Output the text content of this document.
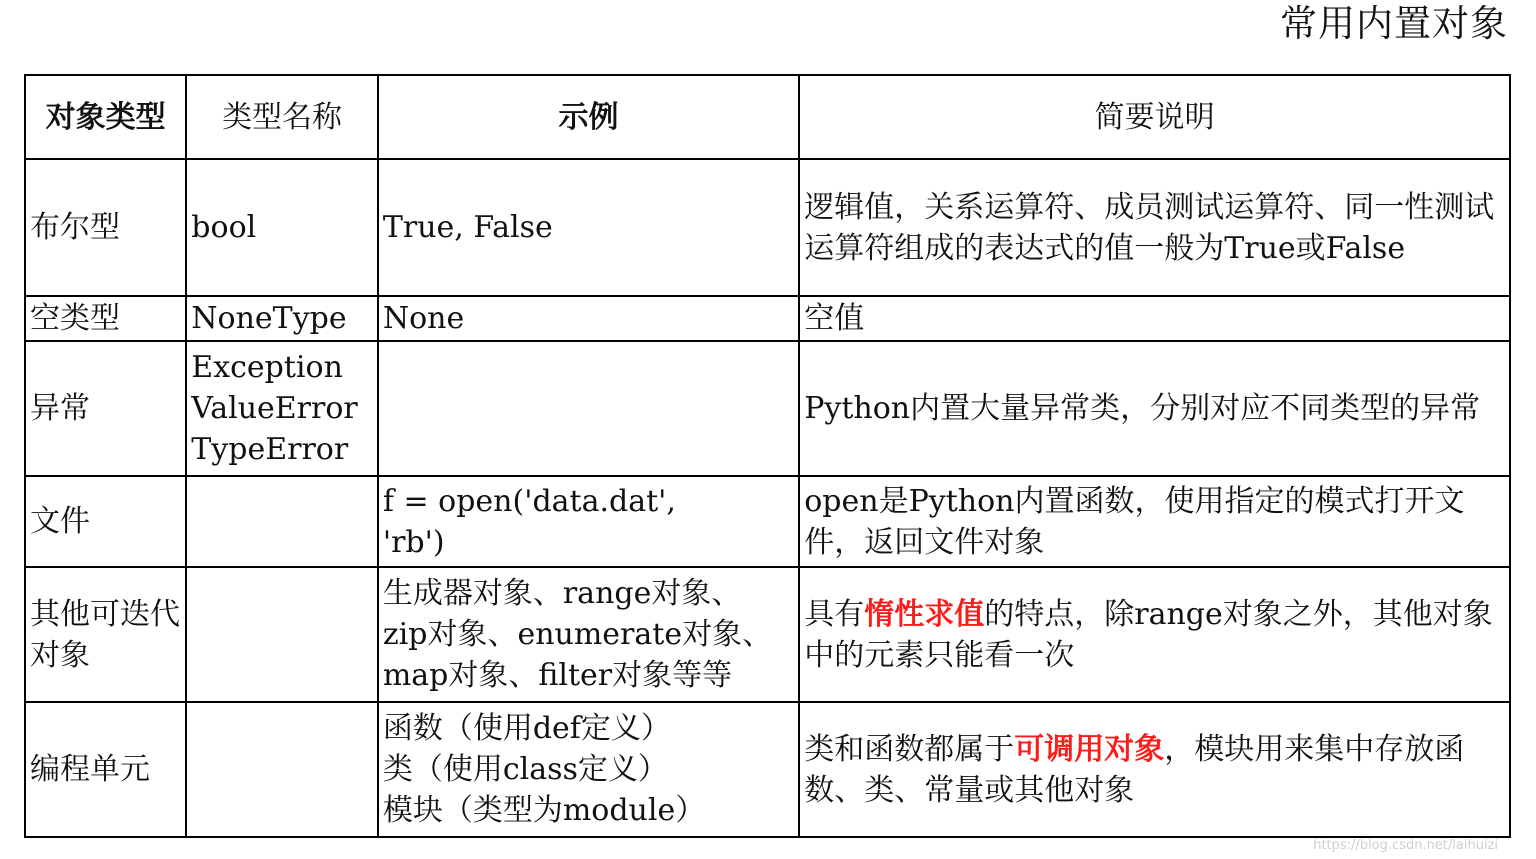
常用内置对象
对象类型	类型名称	示例	简要说明
布尔型	bool	True, False	逻辑值，关系运算符、成员测试运算符、同一性测试运算符组成的表达式的值一般为True或False

空类型	NoneType	None	空值

异常	Exception
ValueError
TypeError		Python内置大量异常类，分别对应不同类型的异常

文件		f = open('data.dat',
'rb')	open是Python内置函数，使用指定的模式打开文件，返回文件对象

其他可迭代对象		生成器对象、range对象、
zip对象、enumerate对象、
map对象、filter对象等等	具有惰性求值的特点，除range对象之外，其他对象中的元素只能看一次

编程单元		函数（使用def定义）
类（使用class定义）
模块（类型为module）	类和函数都属于可调用对象，模块用来集中存放函数、类、常量或其他对象
https://blog.csdn.net/laihuizi
